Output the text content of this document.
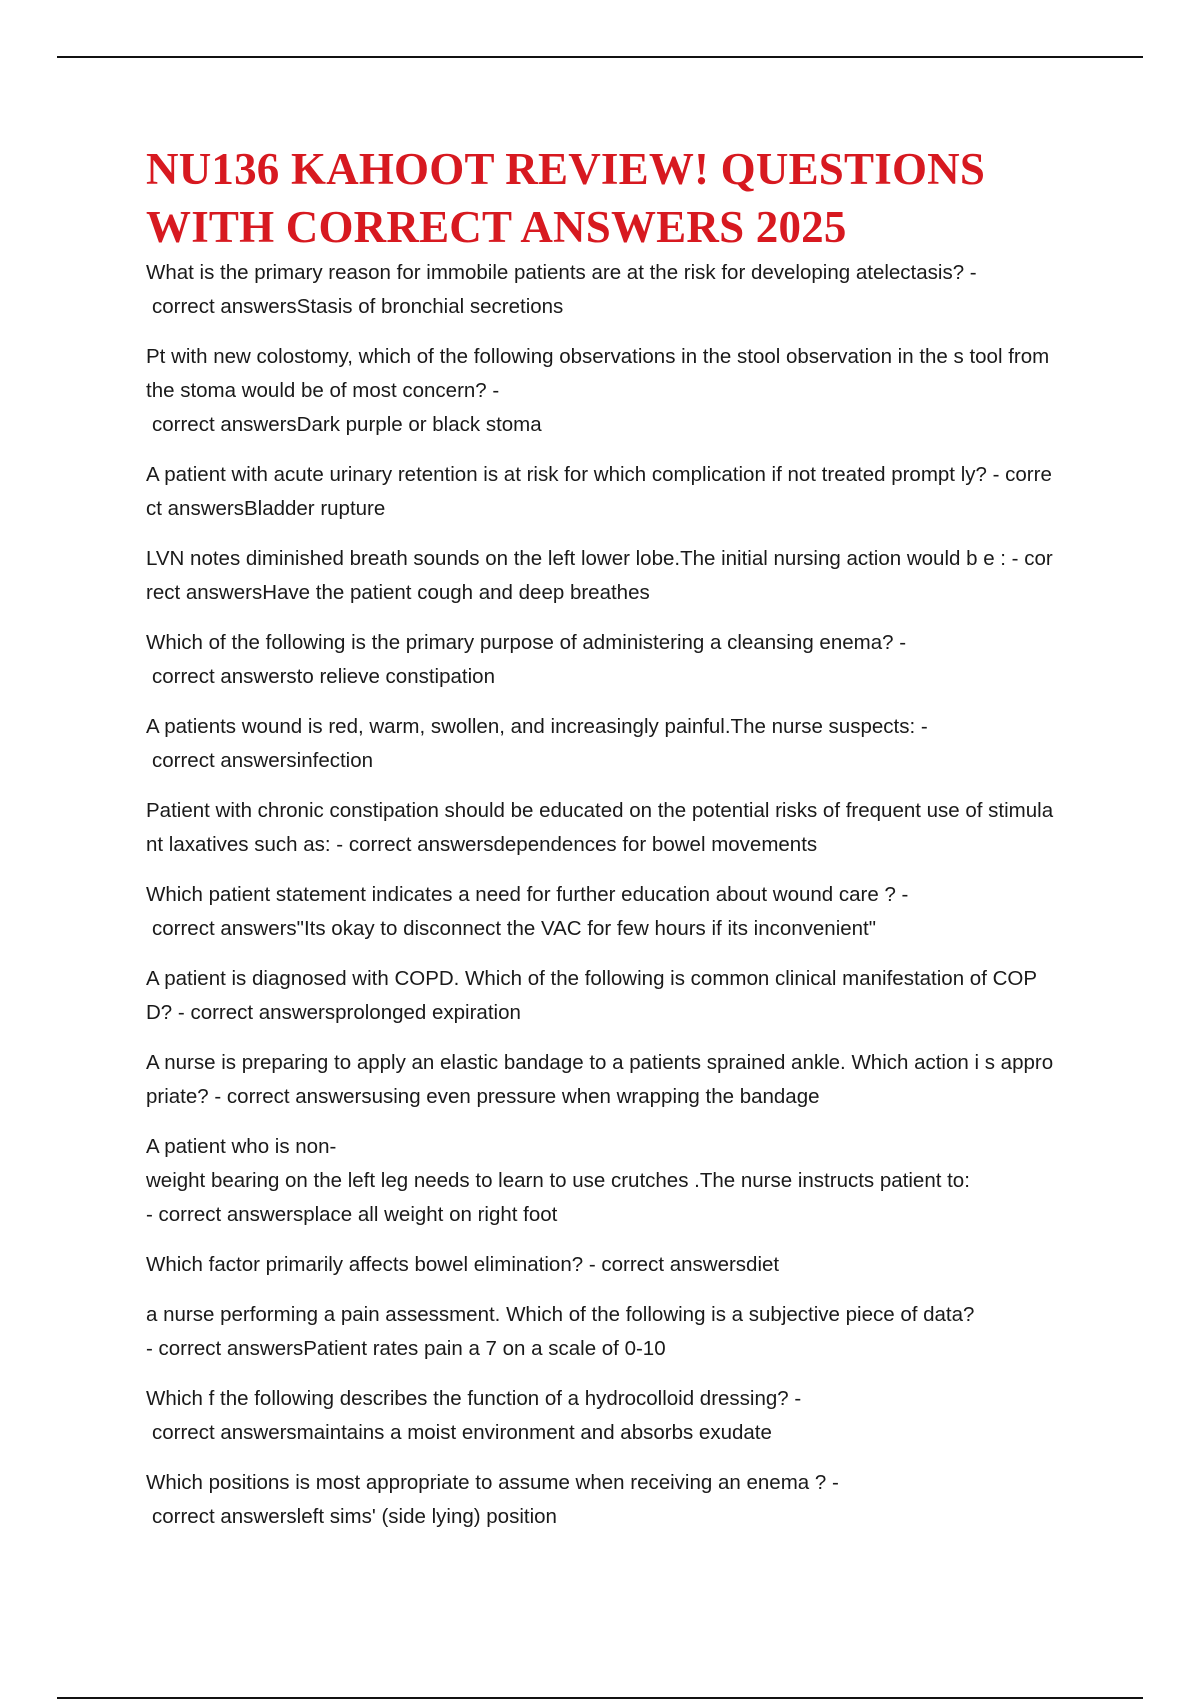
NU136 KAHOOT REVIEW! QUESTIONS
WITH CORRECT ANSWERS 2025

What is the primary reason for immobile patients are at the risk for developing atelectasis? -
correct answersStasis of bronchial secretions

Pt with new colostomy, which of the following observations in the stool observation in the s tool from the stoma would be of most concern? -
correct answersDark purple or black stoma

A patient with acute urinary retention is at risk for which complication if not treated prompt ly? - correct answersBladder rupture

LVN notes diminished breath sounds on the left lower lobe.The initial nursing action would b e : - correct answersHave the patient cough and deep breathes

Which of the following is the primary purpose of administering a cleansing enema? -
correct answersto relieve constipation

A patients wound is red, warm, swollen, and increasingly painful.The nurse suspects: -
correct answersinfection

Patient with chronic constipation should be educated on the potential risks of frequent use of stimulant laxatives such as: - correct answersdependences for bowel movements

Which patient statement indicates a need for further education about wound care ? -
correct answers"Its okay to disconnect the VAC for few hours if its inconvenient"

A patient is diagnosed with COPD. Which of the following is common clinical manifestation of COPD? - correct answersprolonged expiration

A nurse is preparing to apply an elastic bandage to a patients sprained ankle. Which action i s appropriate? - correct answersusing even pressure when wrapping the bandage

A patient who is non-
weight bearing on the left leg needs to learn to use crutches .The nurse instructs patient to:
- correct answersplace all weight on right foot

Which factor primarily affects bowel elimination? - correct answersdiet

a nurse performing a pain assessment. Which of the following is a subjective piece of data?
- correct answersPatient rates pain a 7 on a scale of 0-10

Which f the following describes the function of a hydrocolloid dressing? -
correct answersmaintains a moist environment and absorbs exudate

Which positions is most appropriate to assume when receiving an enema ? -
correct answersleft sims' (side lying) position
